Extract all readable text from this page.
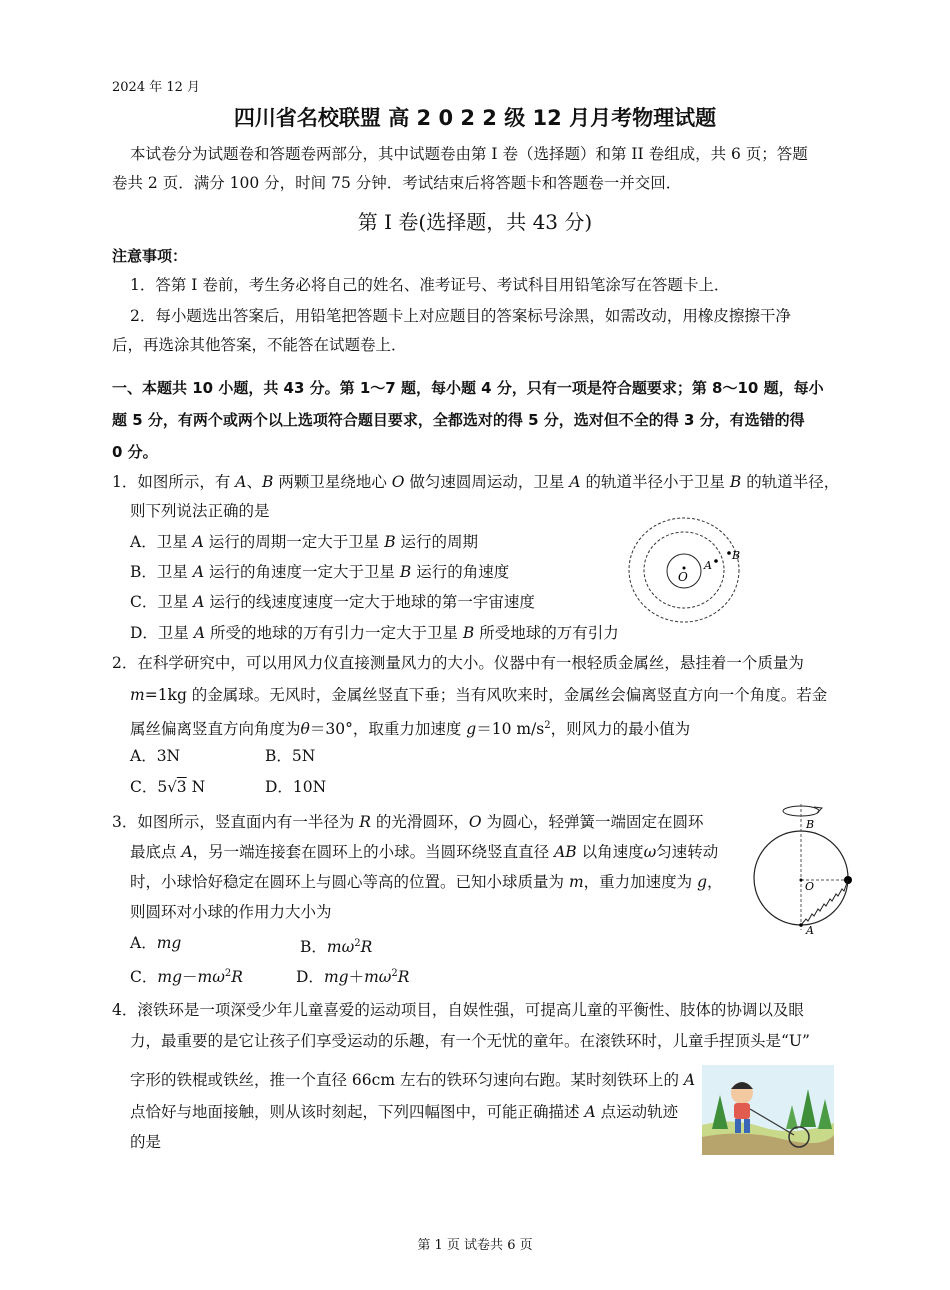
2024 年 12 月
四川省名校联盟 高 2 0 2 2 级 12 月月考物理试题
本试卷分为试题卷和答题卷两部分，其中试题卷由第 I 卷（选择题）和第 II 卷组成，共 6 页；答题
卷共 2 页．满分 100 分，时间 75 分钟．考试结束后将答题卡和答题卷一并交回．
第 I 卷(选择题，共 43 分)
注意事项：
1．答第 I 卷前，考生务必将自己的姓名、准考证号、考试科目用铅笔涂写在答题卡上．
2．每小题选出答案后，用铅笔把答题卡上对应题目的答案标号涂黑，如需改动，用橡皮擦擦干净
后，再选涂其他答案，不能答在试题卷上．
一、本题共 10 小题，共 43 分。第 1～7 题，每小题 4 分，只有一项是符合题要求；第 8～10 题，每小
题 5 分，有两个或两个以上选项符合题目要求，全都选对的得 5 分，选对但不全的得 3 分，有选错的得
0 分。
1．如图所示，有 A、B 两颗卫星绕地心 O 做匀速圆周运动，卫星 A 的轨道半径小于卫星 B 的轨道半径，
则下列说法正确的是
A．卫星 A 运行的周期一定大于卫星 B 运行的周期
B．卫星 A 运行的角速度一定大于卫星 B 运行的角速度
C．卫星 A 运行的线速度速度一定大于地球的第一宇宙速度
D．卫星 A 所受的地球的万有引力一定大于卫星 B 所受地球的万有引力
O
A
B
2．在科学研究中，可以用风力仪直接测量风力的大小。仪器中有一根轻质金属丝，悬挂着一个质量为
m=1kg 的金属球。无风时，金属丝竖直下垂；当有风吹来时，金属丝会偏离竖直方向一个角度。若金
属丝偏离竖直方向角度为θ＝30°，取重力加速度 g＝10 $m/s^2$，则风力的最小值为
A．3N	B．5N
C．5√3 N	D．10N
3．如图所示，竖直面内有一半径为 R 的光滑圆环，O 为圆心，轻弹簧一端固定在圆环
最底点 A，另一端连接套在圆环上的小球。当圆环绕竖直直径 AB 以角速度ω匀速转动
时，小球恰好稳定在圆环上与圆心等高的位置。已知小球质量为 m，重力加速度为 g，
则圆环对小球的作用力大小为
A．mg	B．$m\omega^2R$
C．$mg-m\omega^2R$	D．$mg+m\omega^2R$
B
O
A
4．滚铁环是一项深受少年儿童喜爱的运动项目，自娱性强，可提高儿童的平衡性、肢体的协调以及眼
力，最重要的是它让孩子们享受运动的乐趣，有一个无忧的童年。在滚铁环时，儿童手捏顶头是“U”
字形的铁棍或铁丝，推一个直径 66cm 左右的铁环匀速向右跑。某时刻铁环上的 A
点恰好与地面接触，则从该时刻起，下列四幅图中，可能正确描述 A 点运动轨迹
的是
第 1 页 试卷共 6 页
